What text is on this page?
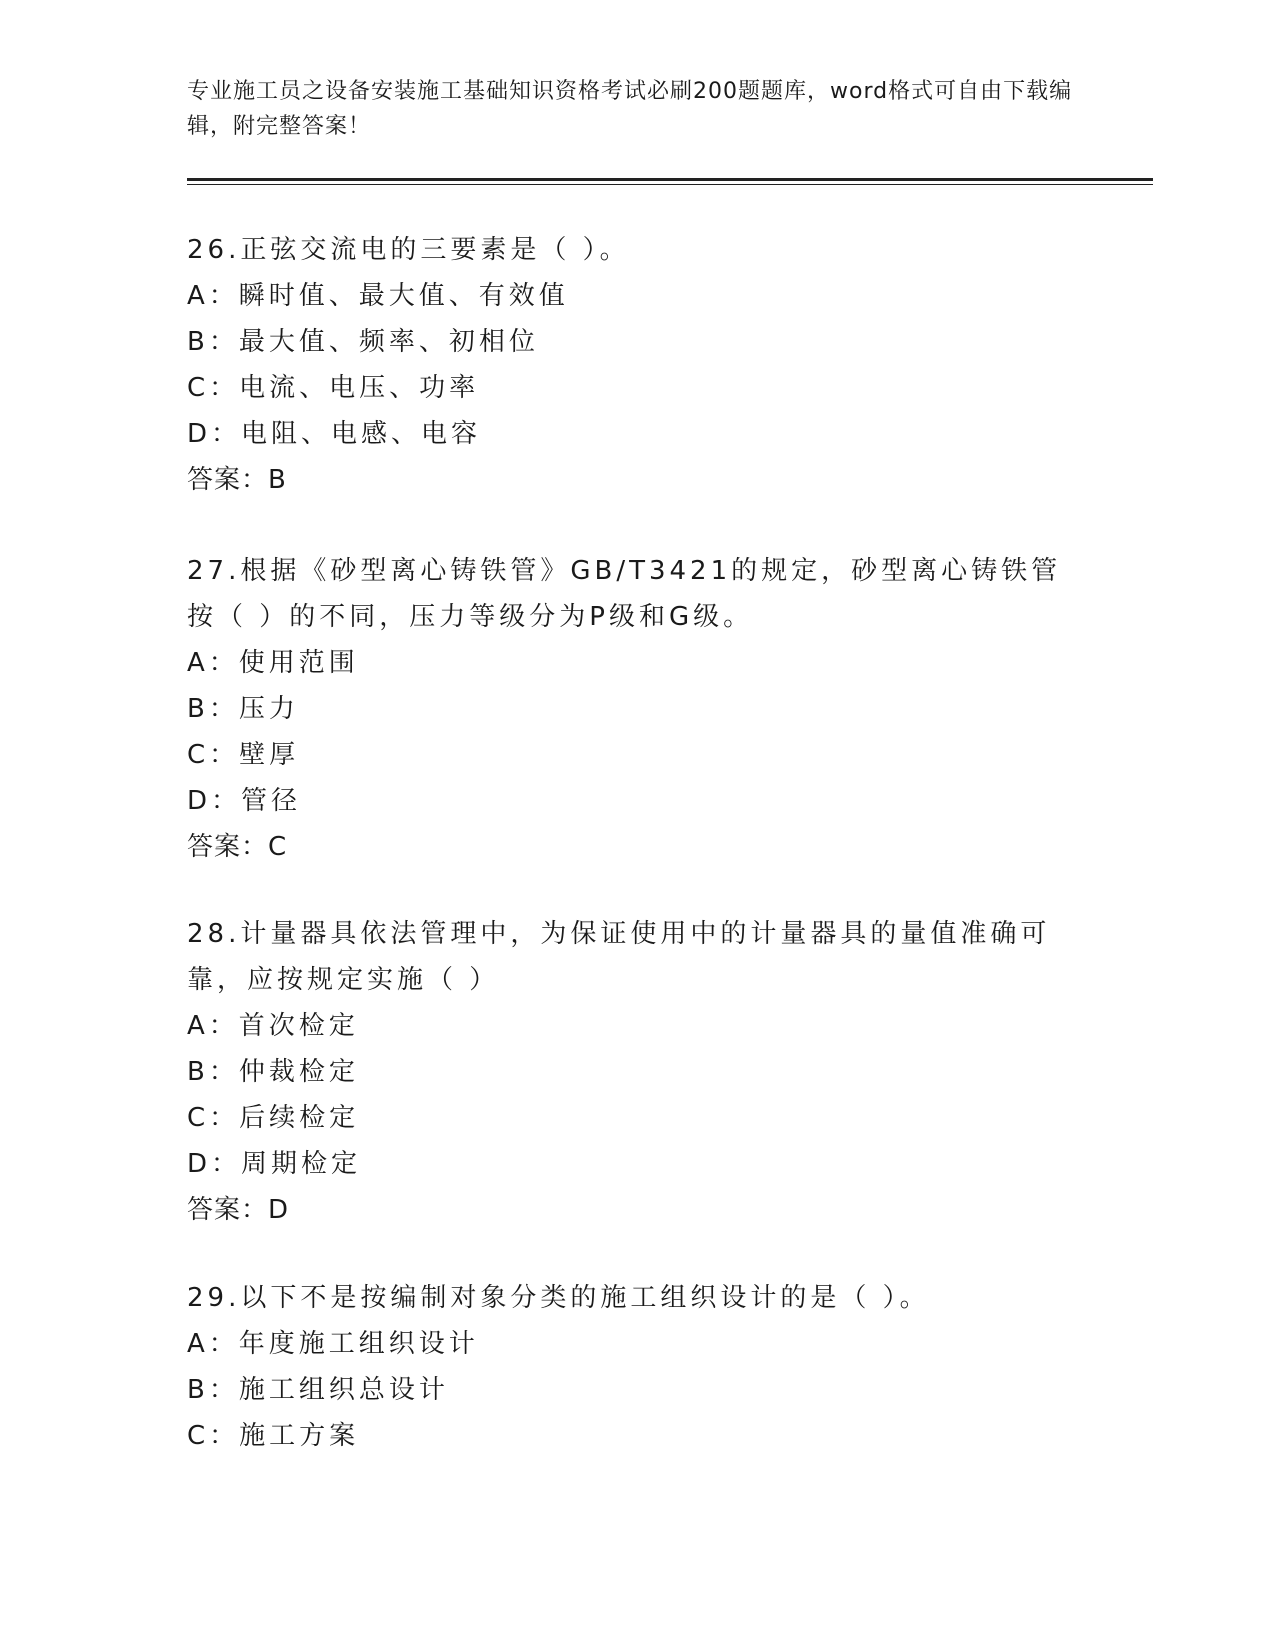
专业施工员之设备安装施工基础知识资格考试必刷200题题库，word格式可自由下载编辑，附完整答案！
26.正弦交流电的三要素是（ ）。
A：瞬时值、最大值、有效值
B：最大值、频率、初相位
C：电流、电压、功率
D：电阻、电感、电容
答案：B
27.根据《砂型离心铸铁管》GB/T3421的规定，砂型离心铸铁管按（ ）的不同，压力等级分为P级和G级。
A：使用范围
B：压力
C：壁厚
D：管径
答案：C
28.计量器具依法管理中，为保证使用中的计量器具的量值准确可靠，应按规定实施（ ）
A：首次检定
B：仲裁检定
C：后续检定
D：周期检定
答案：D
29.以下不是按编制对象分类的施工组织设计的是（ ）。
A：年度施工组织设计
B：施工组织总设计
C：施工方案
